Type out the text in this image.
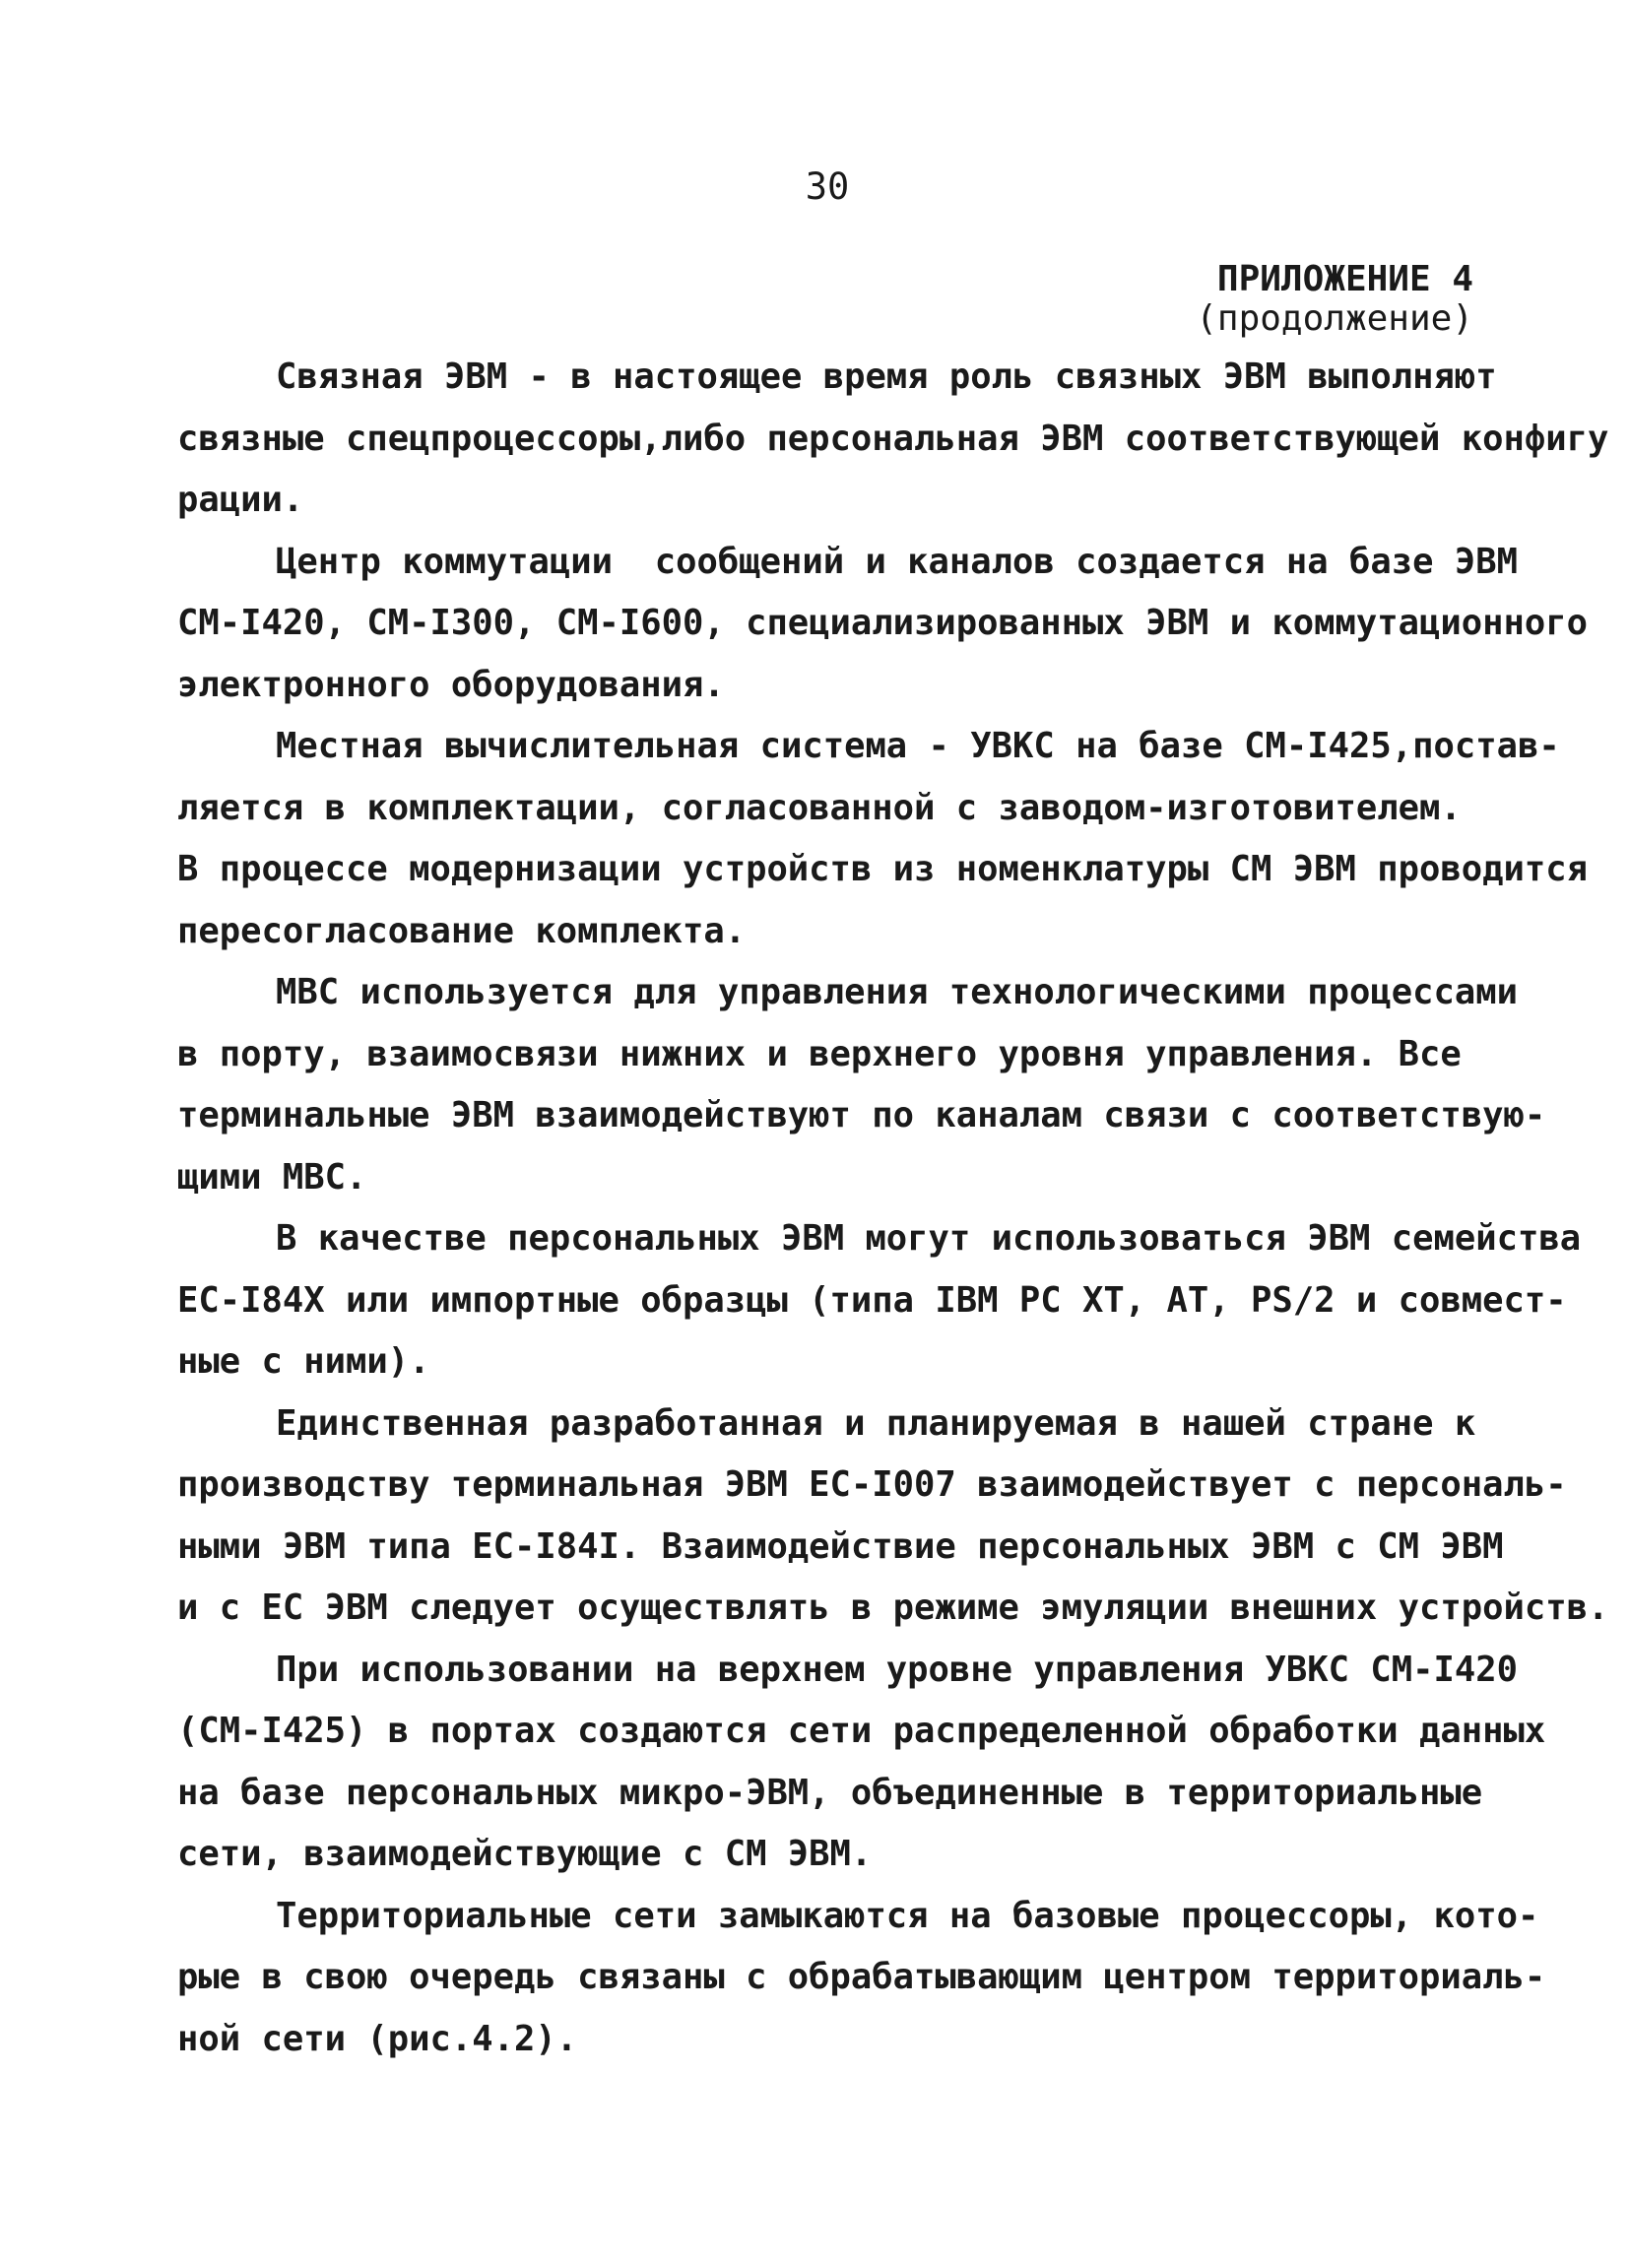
30
ПРИЛОЖЕНИЕ 4
(продолжение)
Связная ЭВМ - в настоящее время роль связных ЭВМ выполняют
связные спецпроцессоры,либо персональная ЭВМ соответствующей конфигу
рации.
Центр коммутации  сообщений и каналов создается на базе ЭВМ
СМ-I420, СМ-I300, СМ-I600, специализированных ЭВМ и коммутационного
электронного оборудования.
Местная вычислительная система - УВКС на базе СМ-I425,постав-
ляется в комплектации, согласованной с заводом-изготовителем.
В процессе модернизации устройств из номенклатуры СМ ЭВМ проводится
пересогласование комплекта.
МВС используется для управления технологическими процессами
в порту, взаимосвязи нижних и верхнего уровня управления. Все
терминальные ЭВМ взаимодействуют по каналам связи с соответствую-
щими МВС.
В качестве персональных ЭВМ могут использоваться ЭВМ семейства
ЕС-I84X или импортные образцы (типа IBM PC XT, AT, PS/2 и совмест-
ные с ними).
Единственная разработанная и планируемая в нашей стране к
производству терминальная ЭВМ ЕС-I007 взаимодействует с персональ-
ными ЭВМ типа ЕС-I84I. Взаимодействие персональных ЭВМ с СМ ЭВМ
и с ЕС ЭВМ следует осуществлять в режиме эмуляции внешних устройств.
При использовании на верхнем уровне управления УВКС СМ-I420
(СМ-I425) в портах создаются сети распределенной обработки данных
на базе персональных микро-ЭВМ, объединенные в территориальные
сети, взаимодействующие с СМ ЭВМ.
Территориальные сети замыкаются на базовые процессоры, кото-
рые в свою очередь связаны с обрабатывающим центром территориаль-
ной сети (рис.4.2).
